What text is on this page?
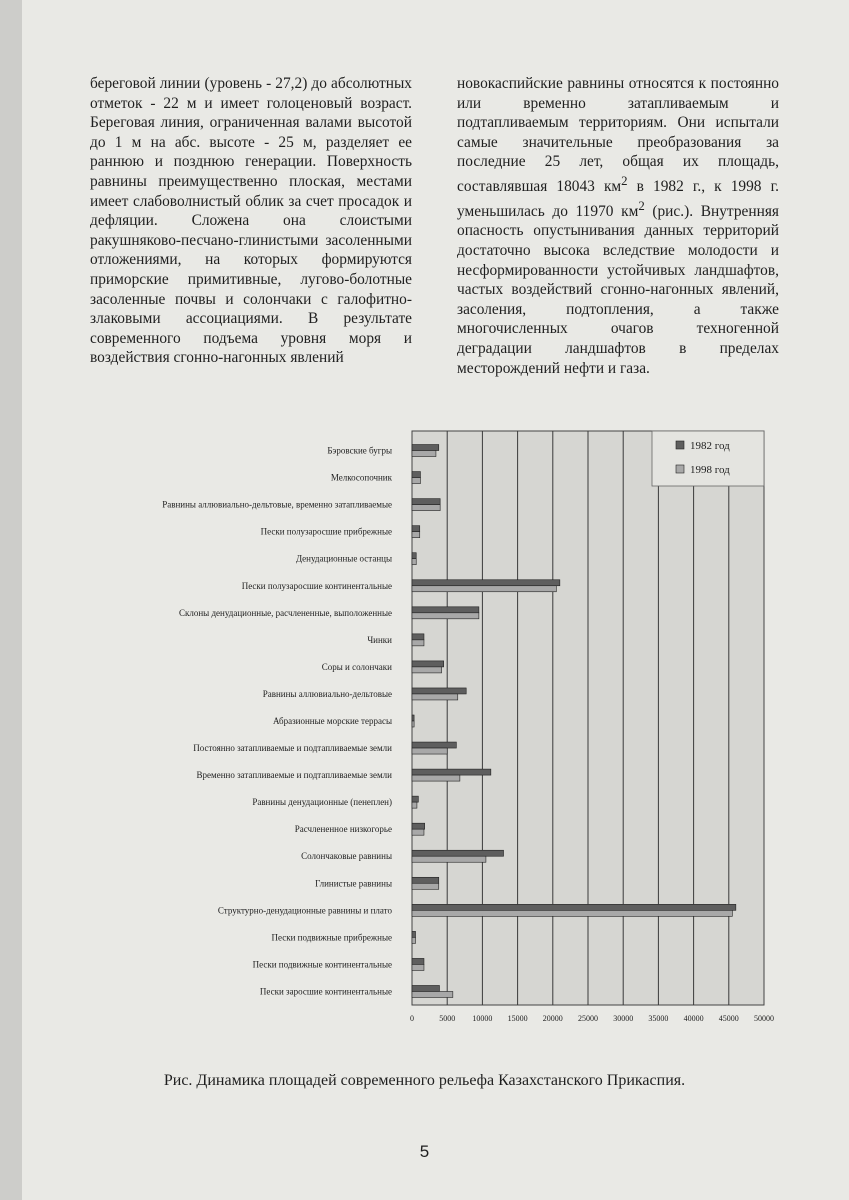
береговой линии (уровень - 27,2) до абсолютных отметок - 22 м и имеет голоценовый возраст. Береговая линия, ограниченная валами высотой до 1 м на абс. высоте - 25 м, разделяет ее раннюю и позднюю генерации. Поверхность равнины преимущественно плоская, местами имеет слабоволнистый облик за счет просадок и дефляции. Сложена она слоистыми ракушняково-песчано-глинистыми засоленными отложениями, на которых формируются приморские примитивные, лугово-болотные засоленные почвы и солончаки с галофитно-злаковыми ассоциациями. В результате современного подъема уровня моря и воздействия сгонно-нагонных явлений

новокаспийские равнины относятся к постоянно или временно затапливаемым и подтапливаемым территориям. Они испытали самые значительные преобразования за последние 25 лет, общая их площадь, составлявшая 18043 $км^2$ в 1982 г., к 1998 г. уменьшилась до 11970 $км^2$ (рис.). Внутренняя опасность опустынивания данных территорий достаточно высока вследствие молодости и несформированности устойчивых ландшафтов, частых воздействий сгонно-нагонных явлений, засоления, подтопления, а также многочисленных очагов техногенной деградации ландшафтов в пределах месторождений нефти и газа.

0	5000 10000 15000 20000 25000 30000 35000 40000 45000 50000
Бэровские бугры
Мелкосопочник
Равнины аллювиально-дельтовые, временно затапливаемые
Пески полузаросшие прибрежные
Денудационные останцы
Пески полузаросшие континентальные
Склоны денудационные, расчлененные, выположенные
Чинки
Соры и солончаки
Равнины аллювиально-дельтовые
Абразионные морские террасы
Постоянно затапливаемые и подтапливаемые земли
Временно затапливаемые и подтапливаемые земли
Равнины денудационные (пенеплен)
Расчлененное низкогорье
Солончаковые равнины
Глинистые равнины
Структурно-денудационные равнины и плато
Пески подвижные прибрежные
Пески подвижные континентальные
Пески заросшие континентальные
1982 год
1998 год
Рис. Динамика площадей современного рельефа Казахстанского Прикаспия.
5
